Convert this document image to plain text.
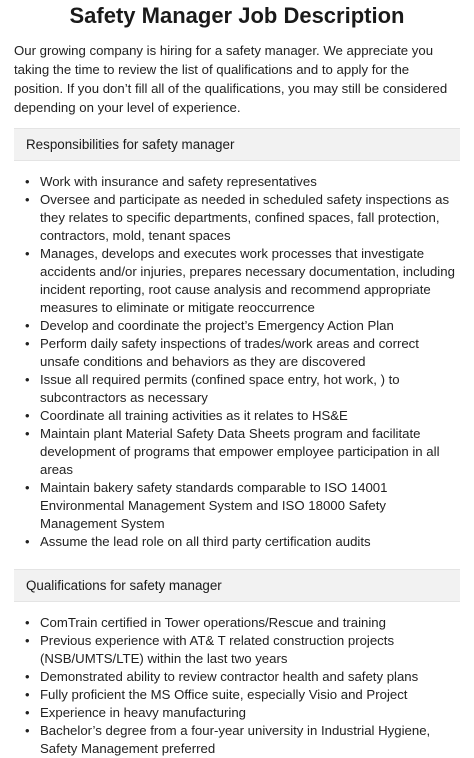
Safety Manager Job Description

Our growing company is hiring for a safety manager. We appreciate you taking the time to review the list of qualifications and to apply for the position. If you don’t fill all of the qualifications, you may still be considered depending on your level of experience.

Responsibilities for safety manager
• Work with insurance and safety representatives
• Oversee and participate as needed in scheduled safety inspections as they relates to specific departments, confined spaces, fall protection, contractors, mold, tenant spaces
• Manages, develops and executes work processes that investigate accidents and/or injuries, prepares necessary documentation, including incident reporting, root cause analysis and recommend appropriate measures to eliminate or mitigate reoccurrence
• Develop and coordinate the project’s Emergency Action Plan
• Perform daily safety inspections of trades/work areas and correct unsafe conditions and behaviors as they are discovered
• Issue all required permits (confined space entry, hot work, ) to subcontractors as necessary
• Coordinate all training activities as it relates to HS&E
• Maintain plant Material Safety Data Sheets program and facilitate development of programs that empower employee participation in all areas
• Maintain bakery safety standards comparable to ISO 14001 Environmental Management System and ISO 18000 Safety Management System
• Assume the lead role on all third party certification audits
Qualifications for safety manager
• ComTrain certified in Tower operations/Rescue and training
• Previous experience with AT& T related construction projects (NSB/UMTS/LTE) within the last two years
• Demonstrated ability to review contractor health and safety plans
• Fully proficient the MS Office suite, especially Visio and Project
• Experience in heavy manufacturing
• Bachelor’s degree from a four-year university in Industrial Hygiene, Safety Management preferred
